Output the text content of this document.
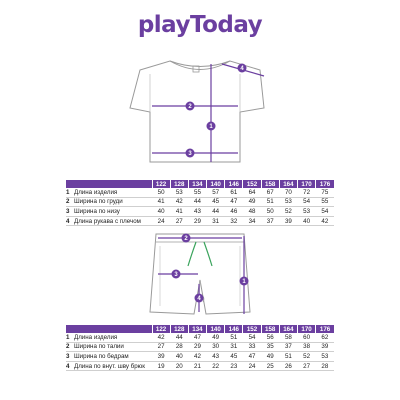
playToday
1
2
3
4
		122	128	134	140	146	152	158	164	170	176
1	Длина изделия	50	53	55	57	61	64	67	70	72	75
2	Ширина по груди	41	42	44	45	47	49	51	53	54	55
3	Ширина по низу	40	41	43	44	46	48	50	52	53	54
4	Длина рукава с плечом	24	27	29	31	32	34	37	39	40	42
1
2
3
4
		122	128	134	140	146	152	158	164	170	176
1	Длина изделия	42	44	47	49	51	54	56	58	60	62
2	Ширина по талии	27	28	29	30	31	33	35	37	38	39
3	Ширина по бедрам	39	40	42	43	45	47	49	51	52	53
4	Длина по внут. шву брюк	19	20	21	22	23	24	25	26	27	28
